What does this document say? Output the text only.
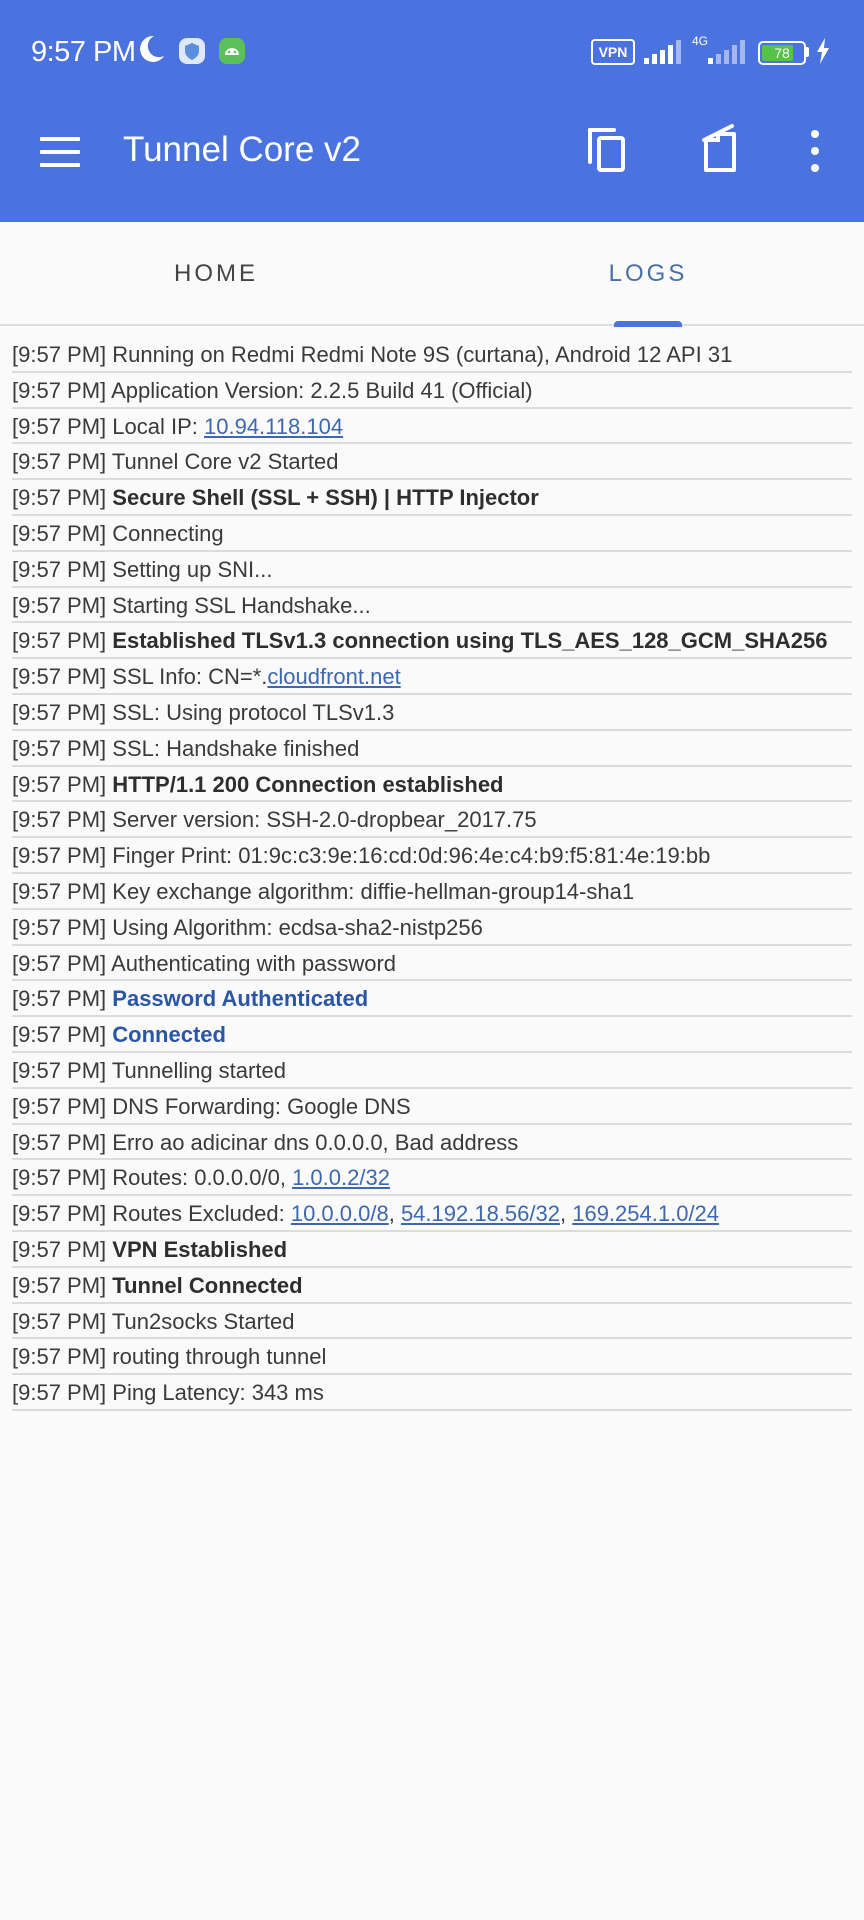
9:57 PM	VPN
4G
78
Tunnel Core v2
HOME	LOGS
[9:57 PM] Running on Redmi Redmi Note 9S (curtana), Android 12 API 31
[9:57 PM] Application Version: 2.2.5 Build 41 (Official)
[9:57 PM] Local IP: 10.94.118.104
[9:57 PM] Tunnel Core v2 Started
[9:57 PM] Secure Shell (SSL + SSH) | HTTP Injector
[9:57 PM] Connecting
[9:57 PM] Setting up SNI...
[9:57 PM] Starting SSL Handshake...
[9:57 PM] Established TLSv1.3 connection using TLS_AES_128_GCM_SHA256
[9:57 PM] SSL Info: CN=*.cloudfront.net
[9:57 PM] SSL: Using protocol TLSv1.3
[9:57 PM] SSL: Handshake finished
[9:57 PM] HTTP/1.1 200 Connection established
[9:57 PM] Server version: SSH-2.0-dropbear_2017.75
[9:57 PM] Finger Print: 01:9c:c3:9e:16:cd:0d:96:4e:c4:b9:f5:81:4e:19:bb
[9:57 PM] Key exchange algorithm: diffie-hellman-group14-sha1
[9:57 PM] Using Algorithm: ecdsa-sha2-nistp256
[9:57 PM] Authenticating with password
[9:57 PM] Password Authenticated
[9:57 PM] Connected
[9:57 PM] Tunnelling started
[9:57 PM] DNS Forwarding: Google DNS
[9:57 PM] Erro ao adicinar dns 0.0.0.0, Bad address
[9:57 PM] Routes: 0.0.0.0/0, 1.0.0.2/32
[9:57 PM] Routes Excluded: 10.0.0.0/8, 54.192.18.56/32, 169.254.1.0/24
[9:57 PM] VPN Established
[9:57 PM] Tunnel Connected
[9:57 PM] Tun2socks Started
[9:57 PM] routing through tunnel
[9:57 PM] Ping Latency: 343 ms
